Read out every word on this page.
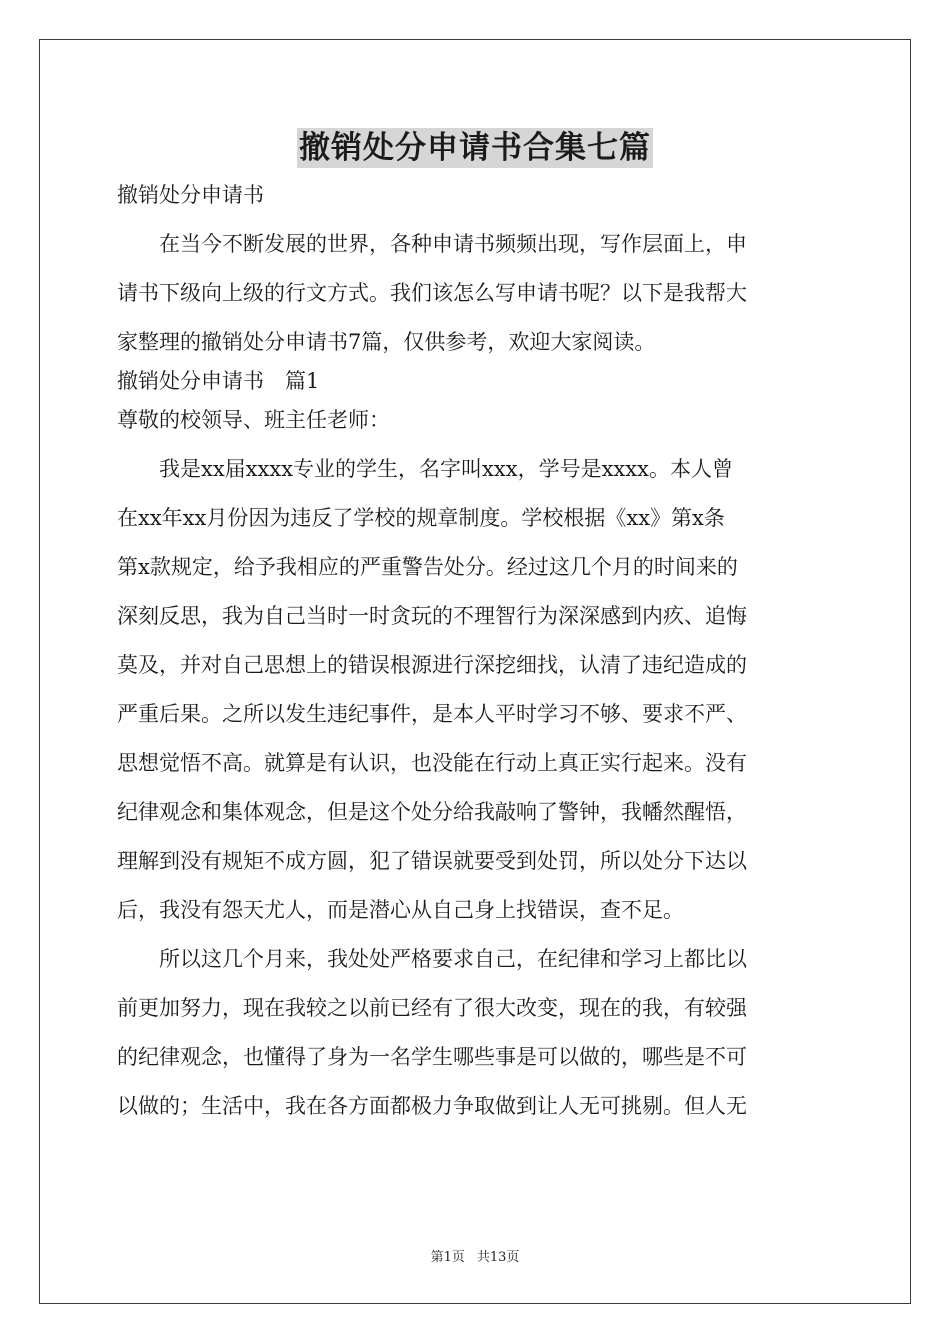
撤销处分申请书合集七篇
撤销处分申请书
　　在当今不断发展的世界，各种申请书频频出现，写作层面上，申
请书下级向上级的行文方式。我们该怎么写申请书呢？以下是我帮大
家整理的撤销处分申请书7篇，仅供参考，欢迎大家阅读。
撤销处分申请书　篇1
尊敬的校领导、班主任老师：
　　我是xx届xxxx专业的学生，名字叫xxx，学号是xxxx。本人曾
在xx年xx月份因为违反了学校的规章制度。学校根据《xx》第x条
第x款规定，给予我相应的严重警告处分。经过这几个月的时间来的
深刻反思，我为自己当时一时贪玩的不理智行为深深感到内疚、追悔
莫及，并对自己思想上的错误根源进行深挖细找，认清了违纪造成的
严重后果。之所以发生违纪事件，是本人平时学习不够、要求不严、
思想觉悟不高。就算是有认识，也没能在行动上真正实行起来。没有
纪律观念和集体观念，但是这个处分给我敲响了警钟，我幡然醒悟，
理解到没有规矩不成方圆，犯了错误就要受到处罚，所以处分下达以
后，我没有怨天尤人，而是潜心从自己身上找错误，查不足。
　　所以这几个月来，我处处严格要求自己，在纪律和学习上都比以
前更加努力，现在我较之以前已经有了很大改变，现在的我，有较强
的纪律观念，也懂得了身为一名学生哪些事是可以做的，哪些是不可
以做的；生活中，我在各方面都极力争取做到让人无可挑剔。但人无
第1页 共13页
